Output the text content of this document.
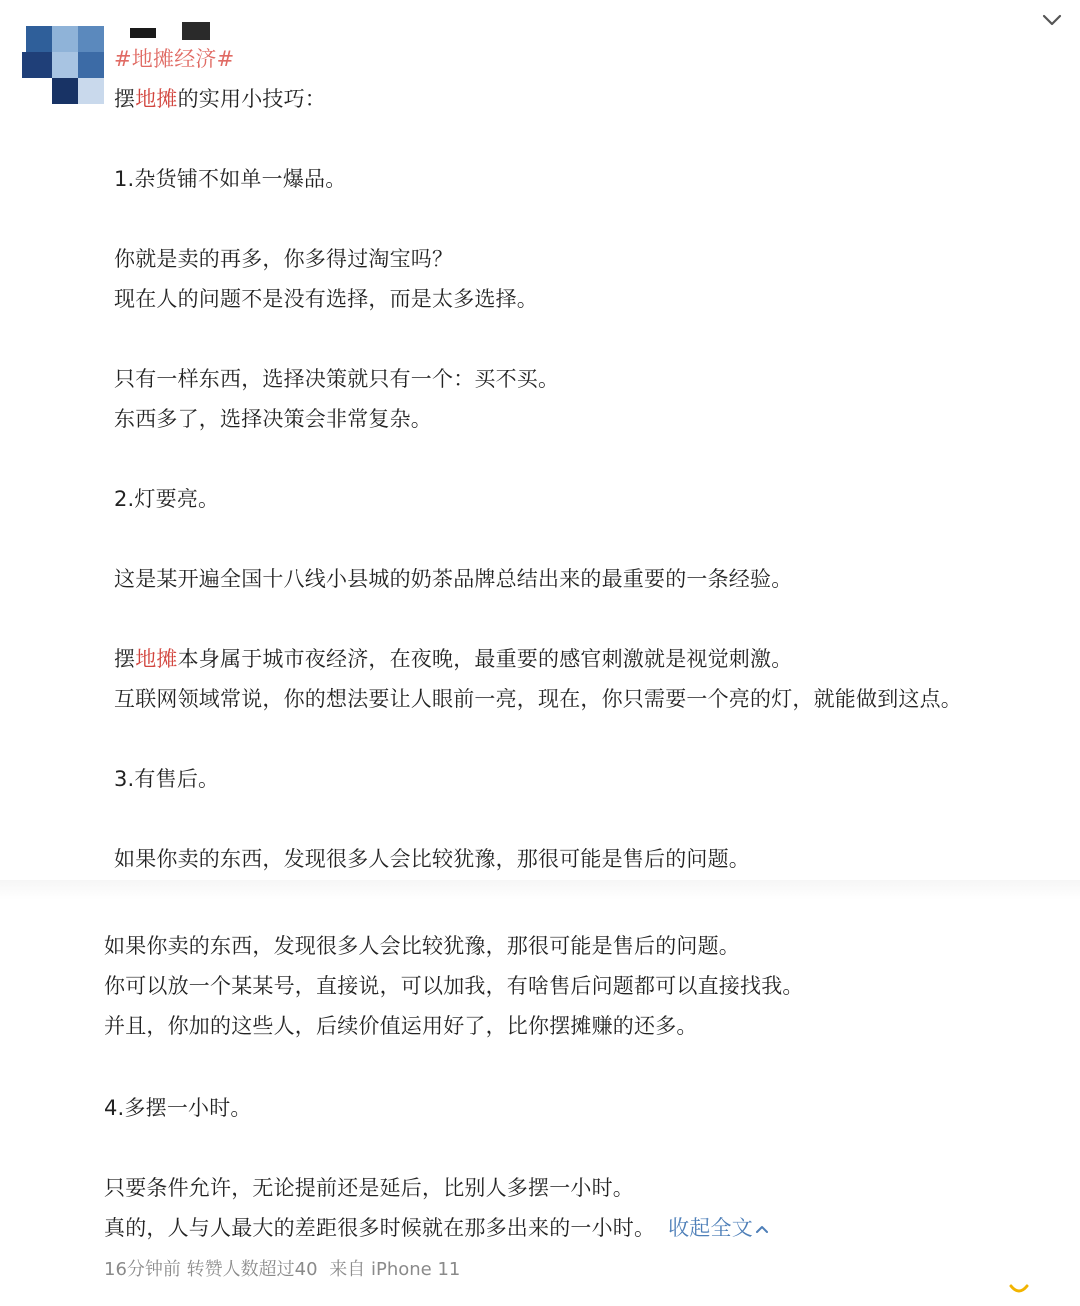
#地摊经济#
摆地摊的实用小技巧：
1.杂货铺不如单一爆品。
你就是卖的再多，你多得过淘宝吗？
现在人的问题不是没有选择，而是太多选择。
只有一样东西，选择决策就只有一个：买不买。
东西多了，选择决策会非常复杂。
2.灯要亮。
这是某开遍全国十八线小县城的奶茶品牌总结出来的最重要的一条经验。
摆地摊本身属于城市夜经济，在夜晚，最重要的感官刺激就是视觉刺激。
互联网领域常说，你的想法要让人眼前一亮，现在，你只需要一个亮的灯，就能做到这点。
3.有售后。
如果你卖的东西，发现很多人会比较犹豫，那很可能是售后的问题。
如果你卖的东西，发现很多人会比较犹豫，那很可能是售后的问题。
你可以放一个某某号，直接说，可以加我，有啥售后问题都可以直接找我。
并且，你加的这些人，后续价值运用好了，比你摆摊赚的还多。
4.多摆一小时。
只要条件允许，无论提前还是延后，比别人多摆一小时。
真的，人与人最大的差距很多时候就在那多出来的一小时。 收起全文
16分钟前 转赞人数超过40 来自 iPhone 11
